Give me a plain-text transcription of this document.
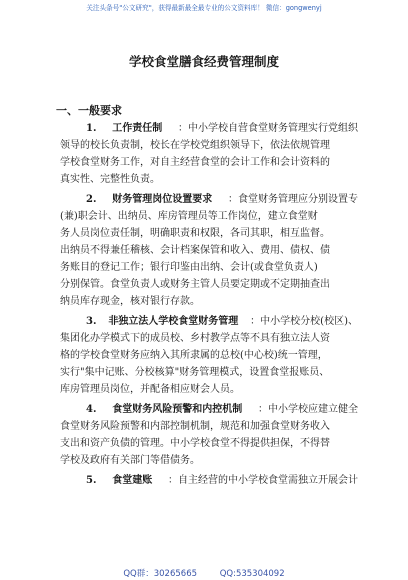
关注头条号"公文研究"，获得最新最全最专业的公文资料库！ 微信：gongwenyj
学校食堂膳食经费管理制度
一、一般要求
1. 工作责任制 ：中小学校自营食堂财务管理实行党组织
领导的校长负责制，校长在学校党组织领导下，依法依规管理
学校食堂财务工作，对自主经营食堂的会计工作和会计资料的
真实性、完整性负责。
2. 财务管理岗位设置要求 ：食堂财务管理应分别设置专
(兼)职会计、出纳员、库房管理员等工作岗位，建立食堂财
务人员岗位责任制，明确职责和权限，各司其职，相互监督。
出纳员不得兼任稽核、会计档案保管和收入、费用、债权、债
务账目的登记工作；银行印鉴由出纳、会计(或食堂负责人)
分别保管。食堂负责人或财务主管人员要定期或不定期抽查出
纳员库存现金，核对银行存款。
3. 非独立法人学校食堂财务管理 ：中小学校分校(校区)、
集团化办学模式下的成员校、乡村教学点等不具有独立法人资
格的学校食堂财务应纳入其所隶属的总校(中心校)统一管理，
实行"集中记账、分校核算"财务管理模式，设置食堂报账员、
库房管理员岗位，并配备相应财会人员。
4. 食堂财务风险预警和内控机制 ：中小学校应建立健全
食堂财务风险预警和内部控制机制，规范和加强食堂财务收入
支出和资产负债的管理。中小学校食堂不得提供担保，不得替
学校及政府有关部门等借债务。
5. 食堂建账 ：自主经营的中小学校食堂需独立开展会计
QQ群：30265665 QQ:535304092
